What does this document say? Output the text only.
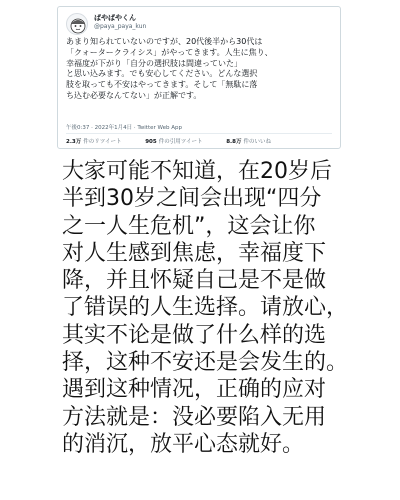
ぱやぱやくん
@paya_paya_kun
あまり知られていないのですが、20代後半から30代は
「クォータークライシス」がやってきます。人生に焦り、
幸福度が下がり「自分の選択肢は間違っていた」
と思い込みます。でも安心してください。どんな選択
肢を取っても不安はやってきます。そして「無駄に落
ち込む必要なんてない」が正解です。
午後0:37 · 2022年1月4日 · Twitter Web App
2.3万 件のリツイート	905 件の引用ツイート	8.8万 件のいいね
大家可能不知道，在20岁后
半到30岁之间会出现“四分
之一人生危机”，这会让你
对人生感到焦虑，幸福度下
降，并且怀疑自己是不是做
了错误的人生选择。请放心，
其实不论是做了什么样的选
择，这种不安还是会发生的。
遇到这种情况，正确的应对
方法就是：没必要陷入无用
的消沉，放平心态就好。
